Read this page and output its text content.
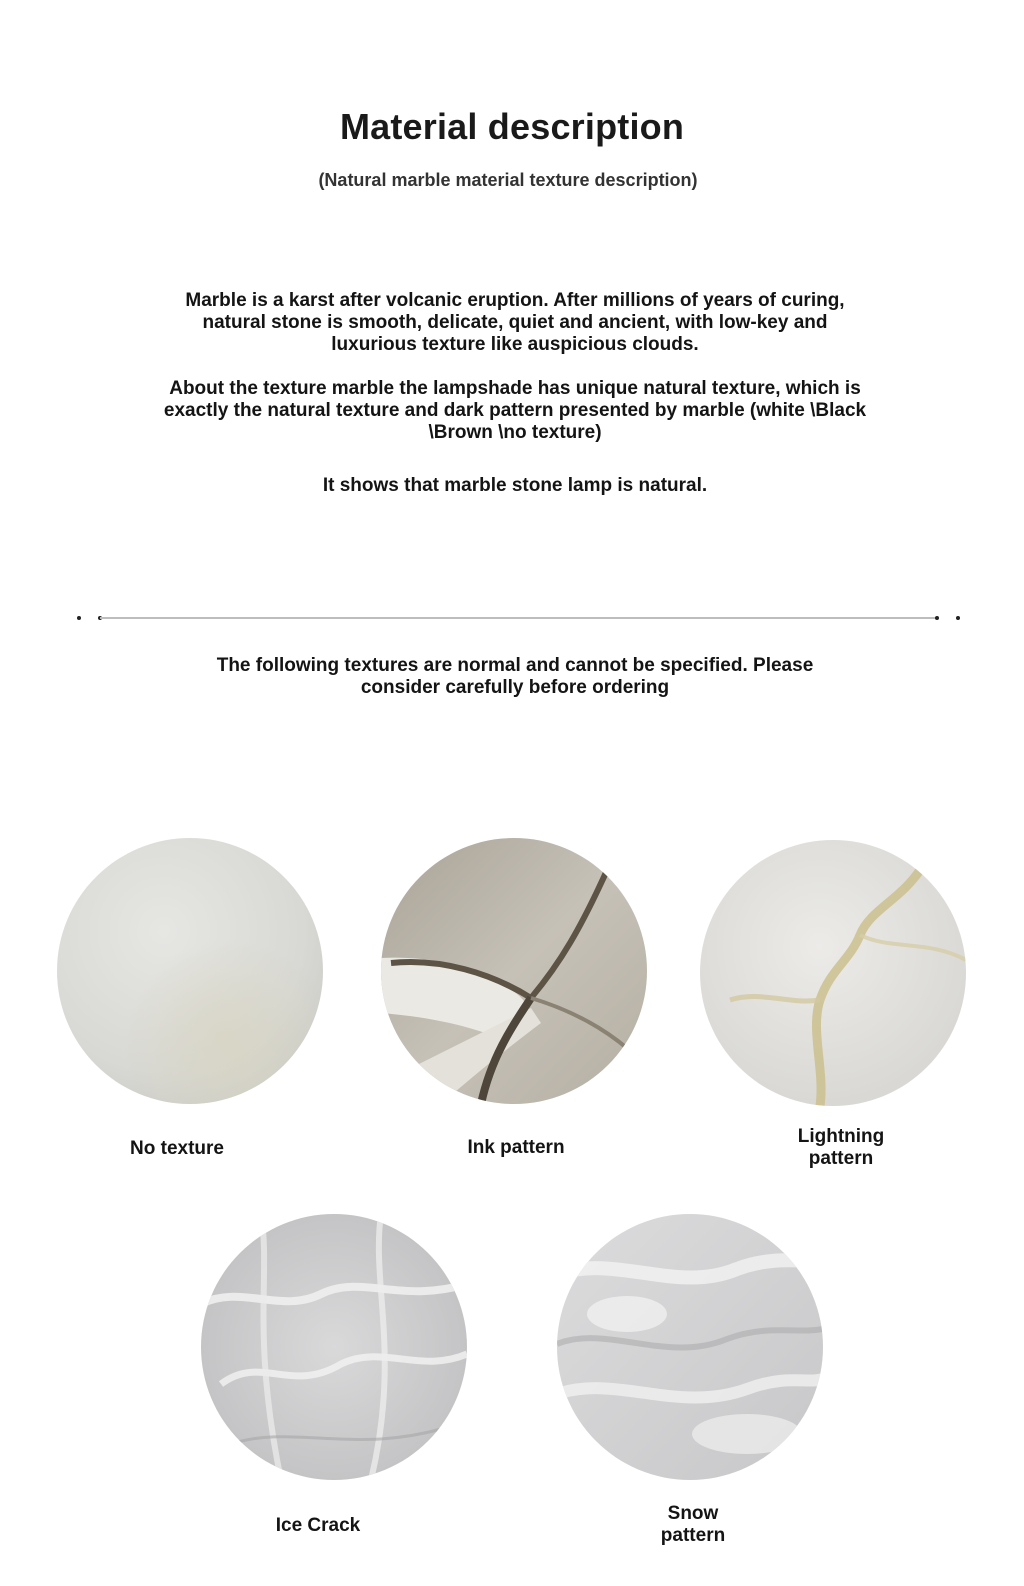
Material description
(Natural marble material texture description)
Marble is a karst after volcanic eruption. After millions of years of curing, natural stone is smooth, delicate, quiet and ancient, with low-key and luxurious texture like auspicious clouds.
About the texture marble the lampshade has unique natural texture, which is exactly the natural texture and dark pattern presented by marble (white \Black \Brown \no texture)
It shows that marble stone lamp is natural.
The following textures are normal and cannot be specified. Please consider carefully before ordering
No texture	Ink pattern
Lightning pattern
Ice Crack
Snow pattern
